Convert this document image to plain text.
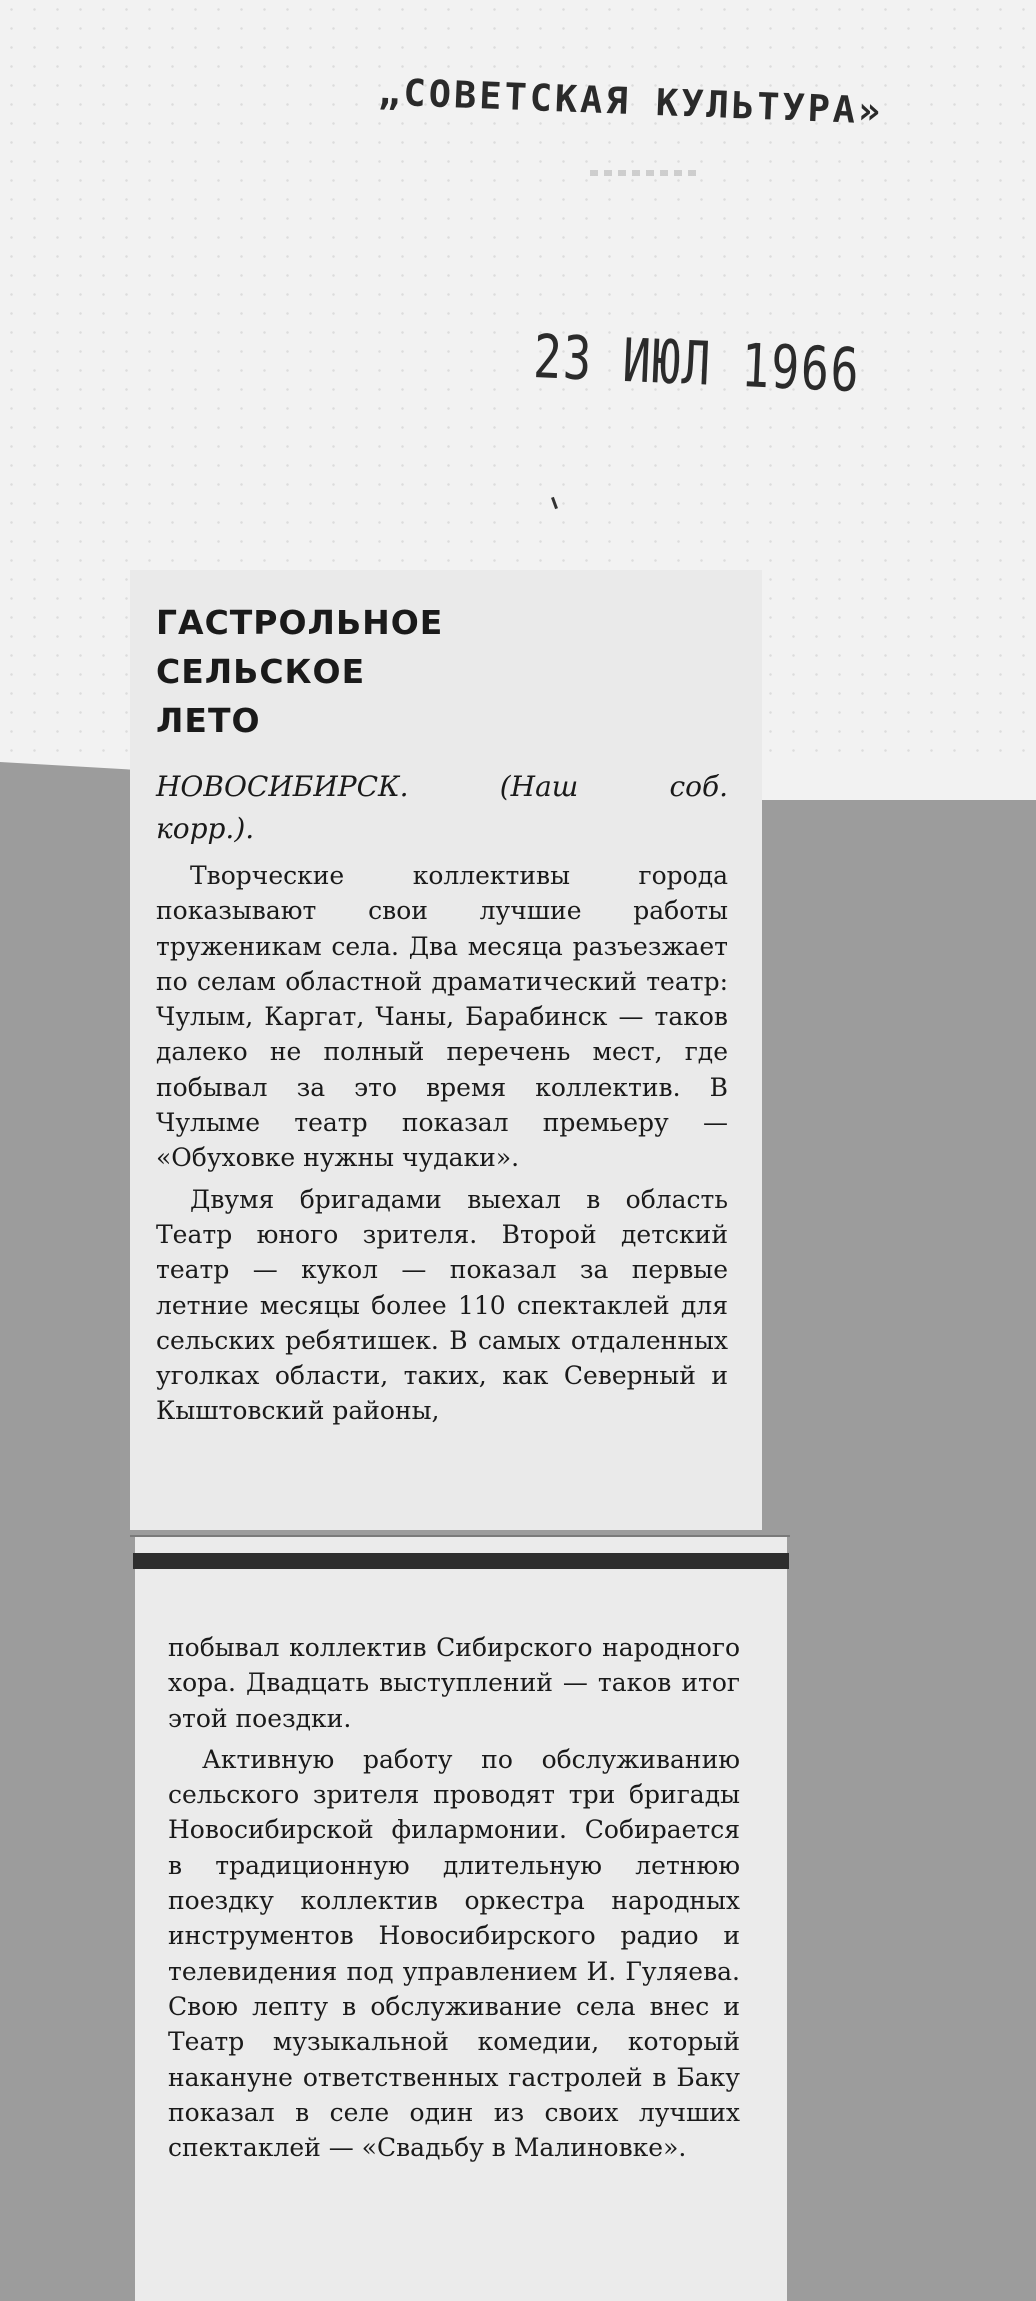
„СОВЕТСКАЯ КУЛЬТУРА»
23 ИЮЛ 1966
ГАСТРОЛЬНОЕ
СЕЛЬСКОЕ
ЛЕТО
НОВОСИБИРСК.	(Наш	соб.
корр.).

Творческие коллективы города показывают свои лучшие работы труженикам села. Два месяца разъезжает по селам областной драматический театр: Чулым, Каргат, Чаны, Барабинск — таков далеко не полный перечень мест, где побывал за это время коллектив. В Чулыме театр показал премьеру — «Обуховке нужны чудаки».

Двумя бригадами выехал в область Театр юного зрителя. Второй детский театр — кукол — показал за первые летние месяцы более 110 спектаклей для сельских ребятишек. В самых отдаленных уголках области, таких, как Северный и Кыштовский районы,

побывал коллектив Сибирского народного хора. Двадцать выступлений — таков итог этой поездки.

Активную работу по обслуживанию сельского зрителя проводят три бригады Новосибирской филармонии. Собирается в традиционную длительную летнюю поездку коллектив оркестра народных инструментов Новосибирского радио и телевидения под управлением И. Гуляева. Свою лепту в обслуживание села внес и Театр музыкальной комедии, который накануне ответственных гастролей в Баку показал в селе один из своих лучших спектаклей — «Свадьбу в Малиновке».
